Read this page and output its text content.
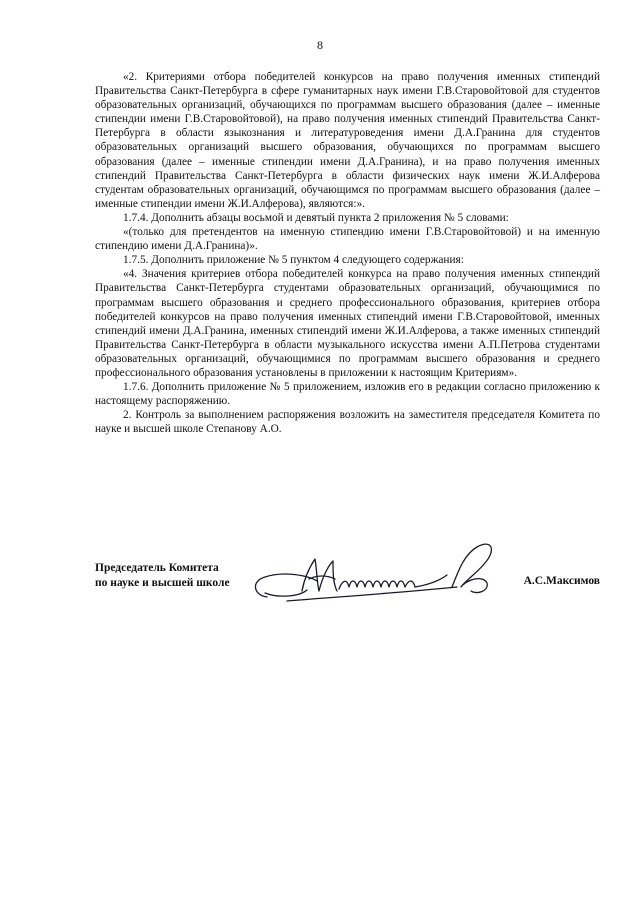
8

«2. Критериями отбора победителей конкурсов на право получения именных стипендий Правительства Санкт-Петербурга в сфере гуманитарных наук имени Г.В.Старовойтовой для студентов образовательных организаций, обучающихся по программам высшего образования (далее – именные стипендии имени Г.В.Старовойтовой), на право получения именных стипендий Правительства Санкт-Петербурга в области языкознания и литературоведения имени Д.А.Гранина для студентов образовательных организаций высшего образования, обучающихся по программам высшего образования (далее – именные стипендии имени Д.А.Гранина), и на право получения именных стипендий Правительства Санкт-Петербурга в области физических наук имени Ж.И.Алферова студентам образовательных организаций, обучающимся по программам высшего образования (далее – именные стипендии имени Ж.И.Алферова), являются:».

1.7.4. Дополнить абзацы восьмой и девятый пункта 2 приложения № 5 словами:

«(только для претендентов на именную стипендию имени Г.В.Старовойтовой) и на именную стипендию имени Д.А.Гранина)».

1.7.5. Дополнить приложение № 5 пунктом 4 следующего содержания:

«4. Значения критериев отбора победителей конкурса на право получения именных стипендий Правительства Санкт-Петербурга студентами образовательных организаций, обучающимися по программам высшего образования и среднего профессионального образования, критериев отбора победителей конкурсов на право получения именных стипендий имени Г.В.Старовойтовой, именных стипендий имени Д.А.Гранина, именных стипендий имени Ж.И.Алферова, а также именных стипендий Правительства Санкт-Петербурга в области музыкального искусства имени А.П.Петрова студентами образовательных организаций, обучающимися по программам высшего образования и среднего профессионального образования установлены в приложении к настоящим Критериям».

1.7.6. Дополнить приложение № 5 приложением, изложив его в редакции согласно приложению к настоящему распоряжению.

2. Контроль за выполнением распоряжения возложить на заместителя председателя Комитета по науке и высшей школе Степанову А.О.

Председатель Комитета
по науке и высшей школе	А.С.Максимов
